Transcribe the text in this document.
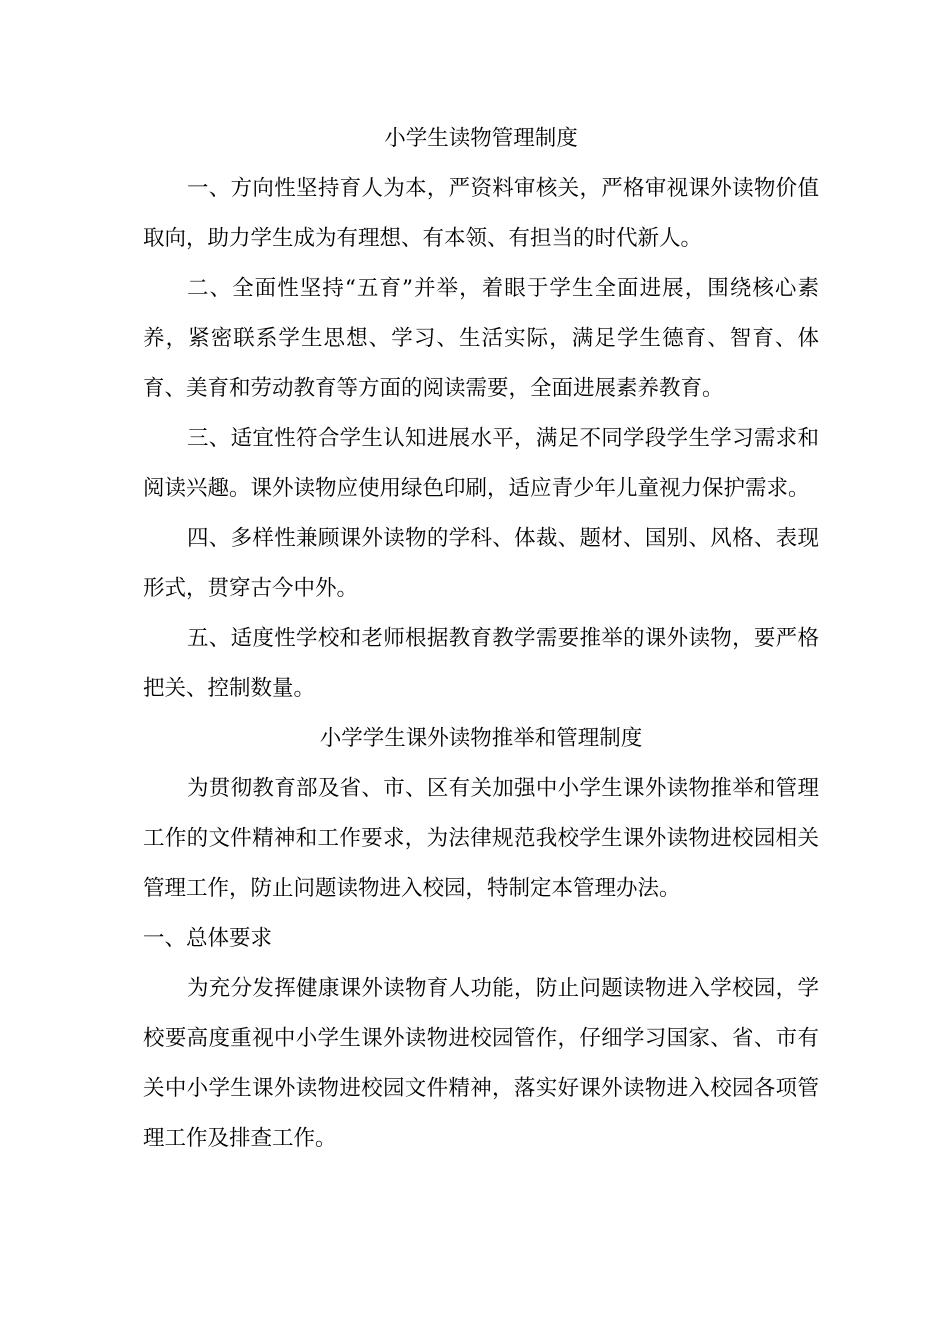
小学生读物管理制度
一、方向性坚持育人为本，严资料审核关，严格审视课外读物价值
取向，助力学生成为有理想、有本领、有担当的时代新人。
二、全面性坚持“五育”并举，着眼于学生全面进展，围绕核心素
养，紧密联系学生思想、学习、生活实际，满足学生德育、智育、体
育、美育和劳动教育等方面的阅读需要，全面进展素养教育。
三、适宜性符合学生认知进展水平，满足不同学段学生学习需求和
阅读兴趣。课外读物应使用绿色印刷，适应青少年儿童视力保护需求。
四、多样性兼顾课外读物的学科、体裁、题材、国别、风格、表现
形式，贯穿古今中外。
五、适度性学校和老师根据教育教学需要推举的课外读物，要严格
把关、控制数量。
小学学生课外读物推举和管理制度
为贯彻教育部及省、市、区有关加强中小学生课外读物推举和管理
工作的文件精神和工作要求，为法律规范我校学生课外读物进校园相关
管理工作，防止问题读物进入校园，特制定本管理办法。
一、总体要求
为充分发挥健康课外读物育人功能，防止问题读物进入学校园，学
校要高度重视中小学生课外读物进校园管作，仔细学习国家、省、市有
关中小学生课外读物进校园文件精神，落实好课外读物进入校园各项管
理工作及排查工作。
